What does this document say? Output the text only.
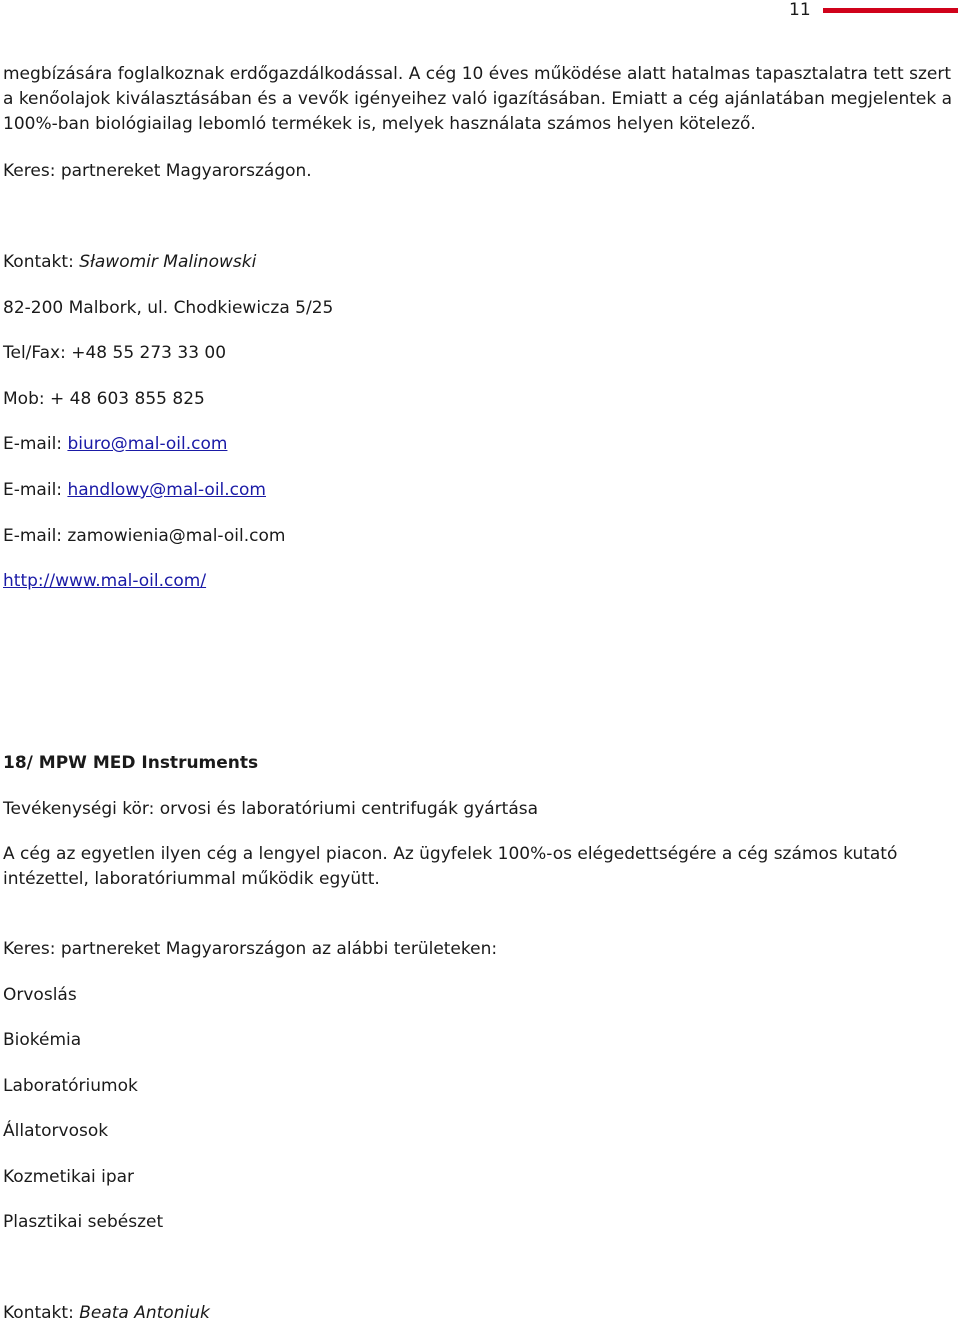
11
megbízására foglalkoznak erdőgazdálkodással. A cég 10 éves működése alatt hatalmas tapasztalatra tett szert
a kenőolajok kiválasztásában és a vevők igényeihez való igazításában. Emiatt a cég ajánlatában megjelentek a
100%-ban biológiailag lebomló termékek is, melyek használata számos helyen kötelező.
Keres: partnereket Magyarországon.
Kontakt: Sławomir Malinowski
82-200 Malbork, ul. Chodkiewicza 5/25
Tel/Fax: +48 55 273 33 00
Mob: + 48 603 855 825
E-mail: biuro@mal-oil.com
E-mail: handlowy@mal-oil.com
E-mail: zamowienia@mal-oil.com
http://www.mal-oil.com/
18/ MPW MED Instruments
Tevékenységi kör: orvosi és laboratóriumi centrifugák gyártása
A cég az egyetlen ilyen cég a lengyel piacon. Az ügyfelek 100%-os elégedettségére a cég számos kutató
intézettel, laboratóriummal működik együtt.
Keres: partnereket Magyarországon az alábbi területeken:
Orvoslás
Biokémia
Laboratóriumok
Állatorvosok
Kozmetikai ipar
Plasztikai sebészet
Kontakt: Beata Antoniuk
